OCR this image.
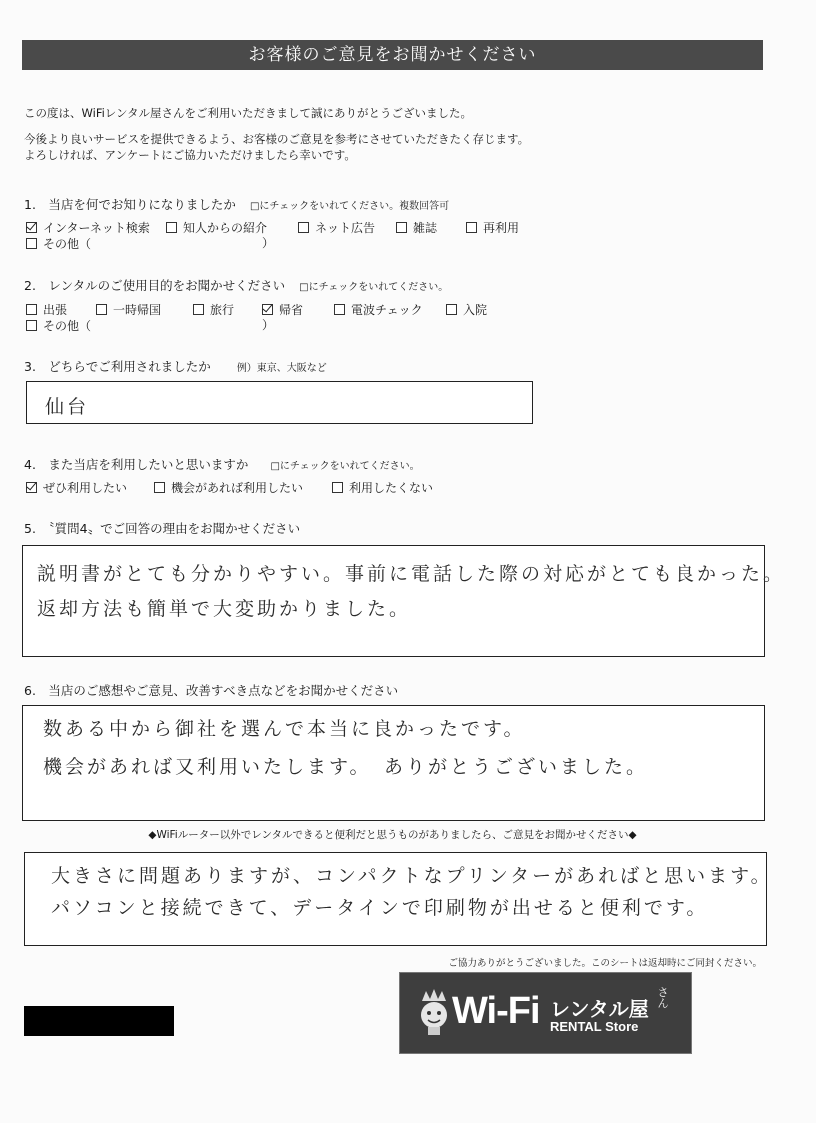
お客様のご意見をお聞かせください
この度は、WiFiレンタル屋さんをご利用いただきまして誠にありがとうございました。
今後より良いサービスを提供できるよう、お客様のご意見を参考にさせていただきたく存じます。
よろしければ、アンケートにご協力いただけましたら幸いです。
1.　当店を何でお知りになりましたか □にチェックをいれてください。複数回答可
インターネット検索	知人からの紹介	ネット広告	雑誌	再利用
その他（	）
2.　レンタルのご使用目的をお聞かせください □にチェックをいれてください。
出張	一時帰国	旅行	帰省	電波チェック	入院
その他（	）
3.　どちらでご利用されましたか	例）東京、大阪など
仙台
4.　また当店を利用したいと思いますか □にチェックをいれてください。
ぜひ利用したい	機会があれば利用したい	利用したくない
5.　〝質問4〟でご回答の理由をお聞かせください
説明書がとても分かりやすい。事前に電話した際の対応がとても良かった。
返却方法も簡単で大変助かりました。
6.　当店のご感想やご意見、改善すべき点などをお聞かせください
数ある中から御社を選んで本当に良かったです。
機会があれば又利用いたします。　ありがとうございました。
◆WiFiルーター以外でレンタルできると便利だと思うものがありましたら、ご意見をお聞かせください◆
大きさに問題ありますが、コンパクトなプリンターがあればと思います。
パソコンと接続できて、データインで印刷物が出せると便利です。
ご協力ありがとうございました。このシートは返却時にご同封ください。
Wi-Fi レンタル屋
さん
RENTAL Store
